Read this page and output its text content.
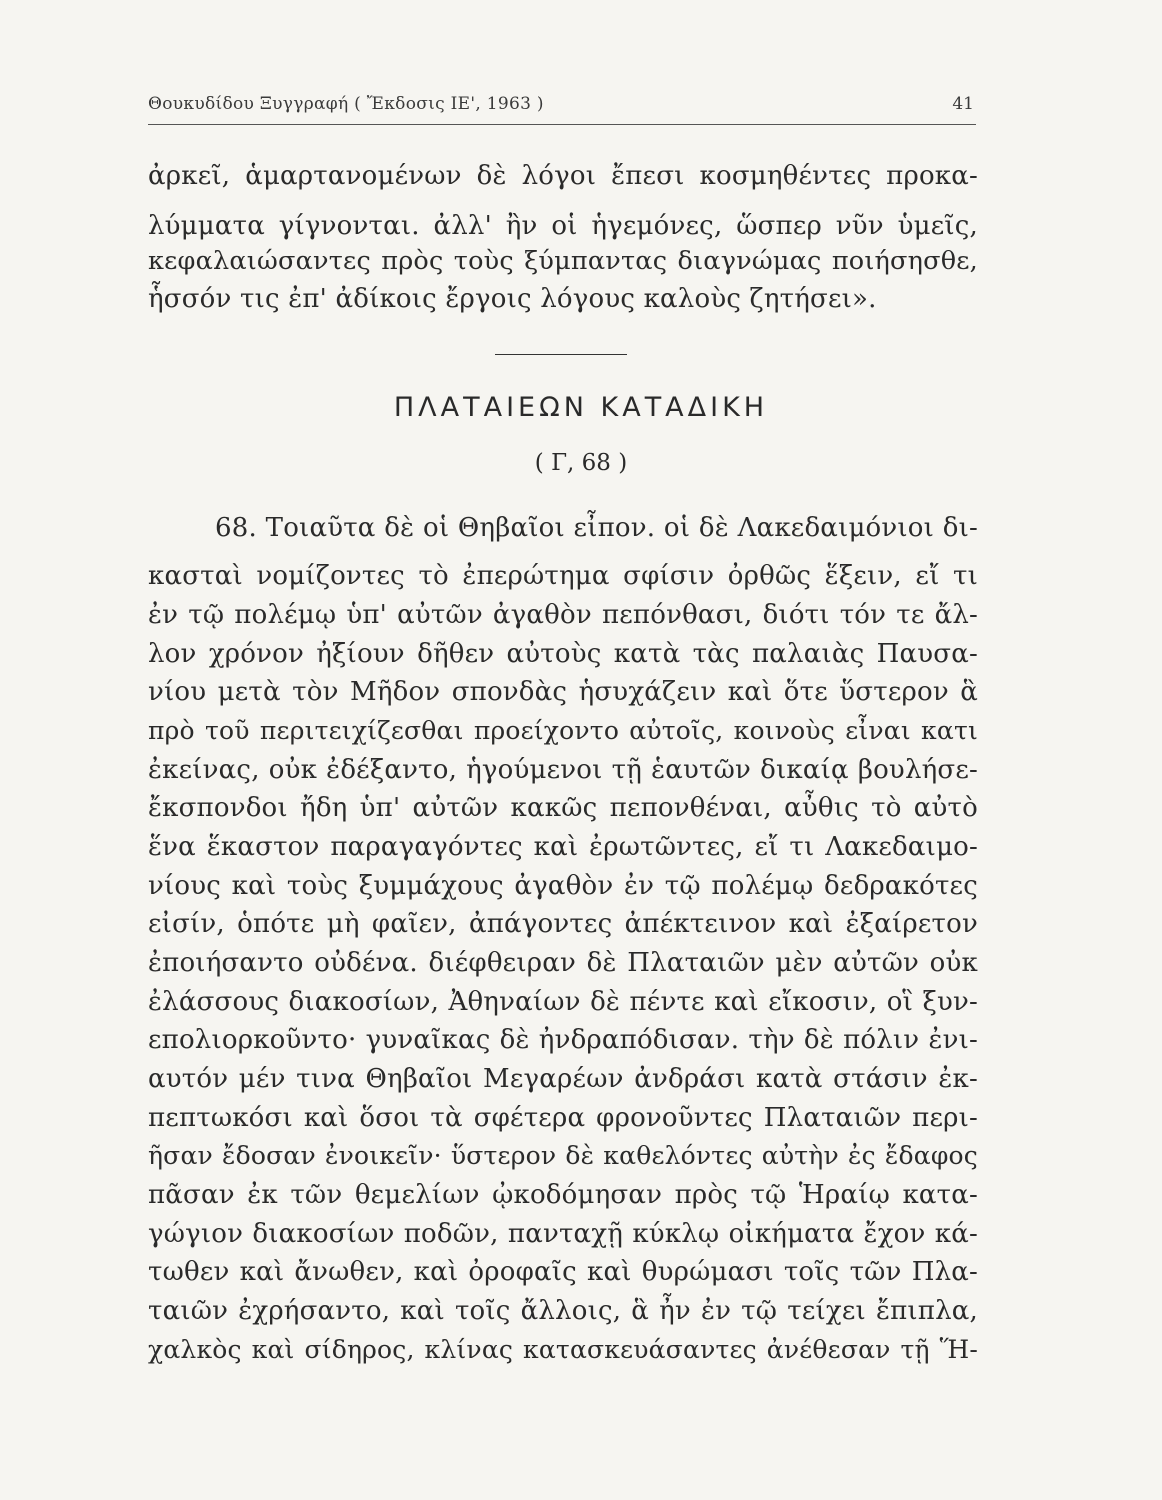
Θουκυδίδου Ξυγγραφή ( Ἔκδοσις ΙΕ', 1963 )	41
ἀρκεῖ, ἁμαρτανομένων δὲ λόγοι ἔπεσι κοσμηθέντες προκα-
λύμματα γίγνονται. ἀλλ' ἢν οἱ ἡγεμόνες, ὥσπερ νῦν ὑμεῖς,
κεφαλαιώσαντες πρὸς τοὺς ξύμπαντας διαγνώμας ποιήσησθε,
ἧσσόν τις ἐπ' ἀδίκοις ἔργοις λόγους καλοὺς ζητήσει».
ΠΛΑΤΑΙΕΩΝ ΚΑΤΑΔΙΚΗ
( Γ, 68 )
68. Τοιαῦτα δὲ οἱ Θηβαῖοι εἶπον. οἱ δὲ Λακεδαιμόνιοι δι-
κασταὶ νομίζοντες τὸ ἐπερώτημα σφίσιν ὀρθῶς ἕξειν, εἴ τι
ἐν τῷ πολέμῳ ὑπ' αὐτῶν ἀγαθὸν πεπόνθασι, διότι τόν τε ἄλ-
λον χρόνον ἠξίουν δῆθεν αὐτοὺς κατὰ τὰς παλαιὰς Παυσα-
νίου μετὰ τὸν Μῆδον σπονδὰς ἡσυχάζειν καὶ ὅτε ὕστερον ἃ
πρὸ τοῦ περιτειχίζεσθαι προείχοντο αὐτοῖς, κοινοὺς εἶναι κατι
ἐκείνας, οὐκ ἐδέξαντο, ἡγούμενοι τῇ ἑαυτῶν δικαίᾳ βουλήσε-
ἔκσπονδοι ἤδη ὑπ' αὐτῶν κακῶς πεπονθέναι, αὖθις τὸ αὐτὸ
ἕνα ἕκαστον παραγαγόντες καὶ ἐρωτῶντες, εἴ τι Λακεδαιμο-
νίους καὶ τοὺς ξυμμάχους ἀγαθὸν ἐν τῷ πολέμῳ δεδρακότες
εἰσίν, ὁπότε μὴ φαῖεν, ἀπάγοντες ἀπέκτεινον καὶ ἐξαίρετον
ἐποιήσαντο οὐδένα. διέφθειραν δὲ Πλαταιῶν μὲν αὐτῶν οὐκ
ἐλάσσους διακοσίων, Ἀθηναίων δὲ πέντε καὶ εἴκοσιν, οἳ ξυν-
επολιορκοῦντο· γυναῖκας δὲ ἠνδραπόδισαν. τὴν δὲ πόλιν ἐνι-
αυτόν μέν τινα Θηβαῖοι Μεγαρέων ἀνδράσι κατὰ στάσιν ἐκ-
πεπτωκόσι καὶ ὅσοι τὰ σφέτερα φρονοῦντες Πλαταιῶν περι-
ῆσαν ἔδοσαν ἐνοικεῖν· ὕστερον δὲ καθελόντες αὐτὴν ἐς ἔδαφος
πᾶσαν ἐκ τῶν θεμελίων ᾠκοδόμησαν πρὸς τῷ Ἡραίῳ κατα-
γώγιον διακοσίων ποδῶν, πανταχῇ κύκλῳ οἰκήματα ἔχον κά-
τωθεν καὶ ἄνωθεν, καὶ ὀροφαῖς καὶ θυρώμασι τοῖς τῶν Πλα-
ταιῶν ἐχρήσαντο, καὶ τοῖς ἄλλοις, ἃ ἦν ἐν τῷ τείχει ἔπιπλα,
χαλκὸς καὶ σίδηρος, κλίνας κατασκευάσαντες ἀνέθεσαν τῇ Ἥ-
